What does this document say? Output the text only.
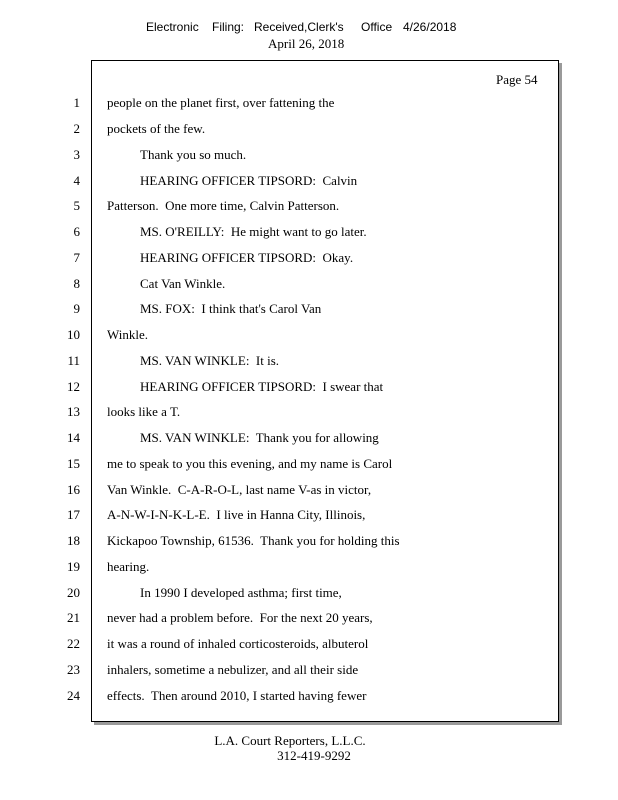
Electronic

Filing:

Received,Clerk's

Office

4/26/2018

April 26, 2018
Page 54
1 people on the planet first, over fattening the
2 pockets of the few.
3	Thank you so much.
4	HEARING OFFICER TIPSORD:  Calvin
5 Patterson.  One more time, Calvin Patterson.
6	MS. O'REILLY:  He might want to go later.
7	HEARING OFFICER TIPSORD:  Okay.
8	Cat Van Winkle.
9	MS. FOX:  I think that's Carol Van
10 Winkle.
11	MS. VAN WINKLE:  It is.
12	HEARING OFFICER TIPSORD:  I swear that
13 looks like a T.
14	MS. VAN WINKLE:  Thank you for allowing
15 me to speak to you this evening, and my name is Carol
16 Van Winkle.  C-A-R-O-L, last name V-as in victor,
17 A-N-W-I-N-K-L-E.  I live in Hanna City, Illinois,
18 Kickapoo Township, 61536.  Thank you for holding this
19 hearing.
20	In 1990 I developed asthma; first time,
21 never had a problem before.  For the next 20 years,
22 it was a round of inhaled corticosteroids, albuterol
23 inhalers, sometime a nebulizer, and all their side
24 effects.  Then around 2010, I started having fewer
L.A. Court Reporters, L.L.C.
312-419-9292
